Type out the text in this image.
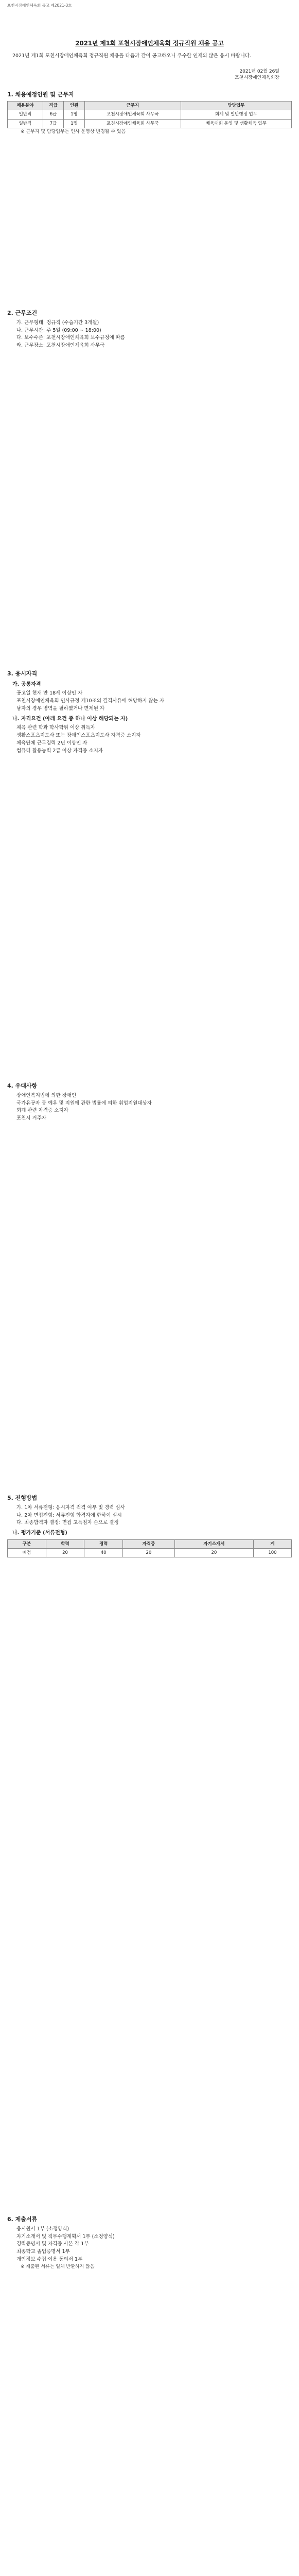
포천시장애인체육회 공고 제2021-3호
2021년 제1회 포천시장애인체육회 정규직원 채용 공고
2021년 제1회 포천시장애인체육회 정규직원 채용을 다음과 같이 공고하오니 우수한 인재의 많은 응시 바랍니다.
2021년 02월 26일
포천시장애인체육회장
1. 채용예정인원 및 근무지
채용분야	직급	인원	근무지	담당업무
일반직	6급	1명	포천시장애인체육회 사무국	회계 및 일반행정 업무
일반직	7급	1명	포천시장애인체육회 사무국	체육대회 운영 및 생활체육 업무
※ 근무지 및 담당업무는 인사 운영상 변경될 수 있음
2. 근무조건
가. 근무형태: 정규직 (수습기간 3개월)
나. 근무시간: 주 5일 (09:00 ~ 18:00)
다. 보수수준: 포천시장애인체육회 보수규정에 따름
라. 근무장소: 포천시장애인체육회 사무국
3. 응시자격
가. 공통자격
공고일 현재 만 18세 이상인 자
포천시장애인체육회 인사규정 제10조의 결격사유에 해당하지 않는 자
남자의 경우 병역을 필하였거나 면제된 자
나. 자격요건 (아래 요건 중 하나 이상 해당되는 자)
체육 관련 학과 학사학위 이상 취득자
생활스포츠지도사 또는 장애인스포츠지도사 자격증 소지자
체육단체 근무경력 2년 이상인 자
컴퓨터 활용능력 2급 이상 자격증 소지자
4. 우대사항
장애인복지법에 의한 장애인
국가유공자 등 예우 및 지원에 관한 법률에 의한 취업지원대상자
회계 관련 자격증 소지자
포천시 거주자
5. 전형방법
가. 1차 서류전형: 응시자격 적격 여부 및 경력 심사
나. 2차 면접전형: 서류전형 합격자에 한하여 실시
다. 최종합격자 결정: 면접 고득점자 순으로 결정
나. 평가기준 (서류전형)
구분	학력	경력	자격증	자기소개서	계
배점	20	40	20	20	100
6. 제출서류
응시원서 1부 (소정양식)
자기소개서 및 직무수행계획서 1부 (소정양식)
경력증명서 및 자격증 사본 각 1부
최종학교 졸업증명서 1부
개인정보 수집·이용 동의서 1부
※ 제출된 서류는 일체 반환하지 않음
